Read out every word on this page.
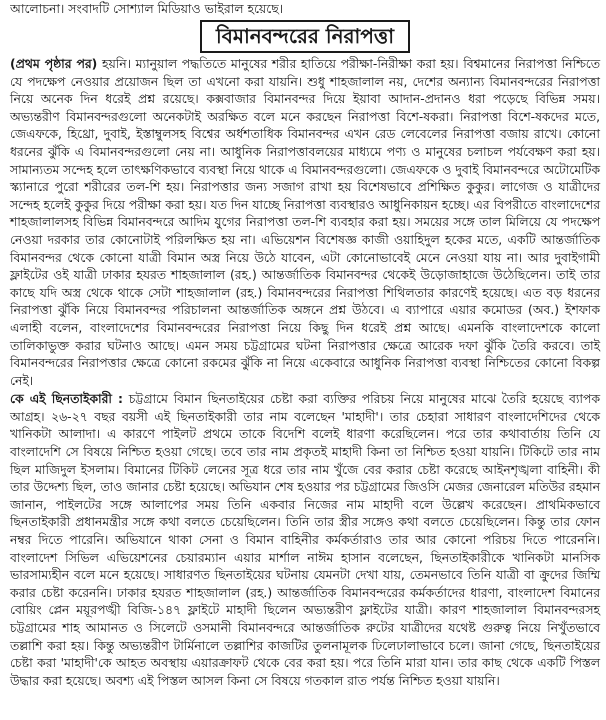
আলোচনা। সংবাদটি সোশ্যাল মিডিয়াও ভাইরাল হয়েছে।

বিমানবন্দরের নিরাপত্তা

(প্রথম পৃষ্ঠার পর) হয়নি। ম্যানুয়াল পদ্ধতিতে মানুষের শরীর হাতিয়ে পরীক্ষা-নিরীক্ষা করা হয়। বিশ্বমানের নিরাপত্তা নিশ্চিতে যে পদক্ষেপ নেওয়ার প্রয়োজন ছিল তা এখনো করা যায়নি। শুধু শাহজালাল নয়, দেশের অন্যান্য বিমানবন্দরের নিরাপত্তা নিয়ে অনেক দিন ধরেই প্রশ্ন রয়েছে। কক্সবাজার বিমানবন্দর দিয়ে ইয়াবা আদান-প্রদানও ধরা পড়েছে বিভিন্ন সময়। অভ্যন্তরীণ বিমানবন্দরগুলো অনেকটাই অরক্ষিত বলে মনে করছেন নিরাপত্তা বিশে-ষকরা। নিরাপত্তা বিশে-ষকদের মতে, জেএফকে, হিথ্রো, দুবাই, ইস্তাম্বুলসহ বিশ্বের অর্ধশতাধিক বিমানবন্দর এখন রেড লেবেলের নিরাপত্তা বজায় রাখে। কোনো ধরনের ঝুঁকি এ বিমানবন্দরগুলো নেয় না। আধুনিক নিরাপত্তাবলয়ের মাধ্যমে পণ্য ও মানুষের চলাচল পর্যবেক্ষণ করা হয়। সামান্যতম সন্দেহ হলে তাৎক্ষণিকভাবে ব্যবস্থা নিয়ে থাকে এ বিমানবন্দরগুলো। জেএফকে ও দুবাই বিমানবন্দরে অটোমেটিক স্ক্যানারে পুরো শরীরের তল-শি হয়। নিরাপত্তার জন্য সজাগ রাখা হয় বিশেষভাবে প্রশিক্ষিত কুকুর। লাগেজ ও যাত্রীদের সন্দেহ হলেই কুকুর দিয়ে পরীক্ষা করা হয়। যত দিন যাচ্ছে নিরাপত্তা ব্যবস্থারও আধুনিকায়ন হচ্ছে। এর বিপরীতে বাংলাদেশের শাহজালালসহ বিভিন্ন বিমানবন্দরে আদিম যুগের নিরাপত্তা তল-শি ব্যবহার করা হয়। সময়ের সঙ্গে তাল মিলিয়ে যে পদক্ষেপ নেওয়া দরকার তার কোনোটাই পরিলক্ষিত হয় না। এভিয়েশন বিশেষজ্ঞ কাজী ওয়াহিদুল হকের মতে, একটি আন্তর্জাতিক বিমানবন্দর থেকে কোনো যাত্রী বিমান অস্ত্র নিয়ে উঠে যাবেন, এটা কোনোভাবেই মেনে নেওয়া যায় না। আর দুবাইগামী ফ্লাইটের ওই যাত্রী ঢাকার হযরত শাহজালাল (রহ.) আন্তর্জাতিক বিমানবন্দর থেকেই উড়োজাহাজে উঠেছিলেন। তাই তার কাছে যদি অস্ত্র থেকে থাকে সেটা শাহজালাল (রহ.) বিমানবন্দরের নিরাপত্তা শিথিলতার কারণেই হয়েছে। এত বড় ধরনের নিরাপত্তা ঝুঁকি নিয়ে বিমানবন্দর পরিচালনা আন্তর্জাতিক অঙ্গনে প্রশ্ন উঠবে। এ ব্যাপারে এয়ার কমোডর (অব.) ইশফাক এলাহী বলেন, বাংলাদেশের বিমানবন্দরের নিরাপত্তা নিয়ে কিছু দিন ধরেই প্রশ্ন আছে। এমনকি বাংলাদেশকে কালো তালিকাভুক্ত করার ঘটনাও আছে। এমন সময় চট্টগ্রামের ঘটনা নিরাপত্তার ক্ষেত্রে আরেক দফা ঝুঁকি তৈরি করবে। তাই বিমানবন্দরের নিরাপত্তার ক্ষেত্রে কোনো রকমের ঝুঁকি না নিয়ে একেবারে আধুনিক নিরাপত্তা ব্যবস্থা নিশ্চিতের কোনো বিকল্প নেই।

কে এই ছিনতাইকারী : চট্টগ্রামে বিমান ছিনতাইয়ের চেষ্টা করা ব্যক্তির পরিচয় নিয়ে মানুষের মাঝে তৈরি হয়েছে ব্যাপক আগ্রহ। ২৬-২৭ বছর বয়সী এই ছিনতাইকারী তার নাম বলেছেন 'মাহাদী'। তার চেহারা সাধারণ বাংলাদেশিদের থেকে খানিকটা আলাদা। এ কারণে পাইলট প্রথমে তাকে বিদেশি বলেই ধারণা করেছিলেন। পরে তার কথাবার্তায় তিনি যে বাংলাদেশি সে বিষয়ে নিশ্চিত হওয়া গেছে। তবে তার নাম প্রকৃতই মাহাদী কিনা তা নিশ্চিত হওয়া যায়নি। টিকিটে তার নাম ছিল মাজিদুল ইসলাম। বিমানের টিকিট লেনের সূত্র ধরে তার নাম খুঁজে বের করার চেষ্টা করেছে আইনশৃঙ্খলা বাহিনী। কী তার উদ্দেশ্য ছিল, তাও জানার চেষ্টা হয়েছে। অভিযান শেষ হওয়ার পর চট্টগ্রামের জিওসি মেজর জেনারেল মতিউর রহমান জানান, পাইলটের সঙ্গে আলাপের সময় তিনি একবার নিজের নাম মাহাদী বলে উল্লেখ করেছেন। প্রাথমিকভাবে ছিনতাইকারী প্রধানমন্ত্রীর সঙ্গে কথা বলতে চেয়েছিলেন। তিনি তার স্ত্রীর সঙ্গেও কথা বলতে চেয়েছিলেন। কিন্তু তার ফোন নম্বর দিতে পারেনি। অভিযানে থাকা সেনা ও বিমান বাহিনীর কর্মকর্তারাও তার আর কোনো পরিচয় দিতে পারেননি। বাংলাদেশ সিভিল এভিয়েশনের চেয়ারম্যান এয়ার মার্শাল নাঈম হাসান বলেছেন, ছিনতাইকারীকে খানিকটা মানসিক ভারসাম্যহীন বলে মনে হয়েছে। সাধারণত ছিনতাইয়ের ঘটনায় যেমনটা দেখা যায়, তেমনভাবে তিনি যাত্রী বা ক্রুদের জিম্মি করার চেষ্টা করেননি। ঢাকার হযরত শাহজালাল (রহ.) আন্তর্জাতিক বিমানবন্দরের কর্মকর্তাদের ধারণা, বাংলাদেশ বিমানের বোয়িং প্লেন ময়ূরপঙ্খী বিজি-১৪৭ ফ্লাইটে মাহাদী ছিলেন অভ্যন্তরীণ ফ্লাইটের যাত্রী। কারণ শাহজালাল বিমানবন্দরসহ চট্টগ্রামের শাহ আমানত ও সিলেটে ওসমানী বিমানবন্দরে আন্তর্জাতিক রুটের যাত্রীদের যথেষ্ট গুরুত্ব নিয়ে নিখুঁতভাবে তল্লাশি করা হয়। কিন্তু অভ্যন্তরীণ টার্মিনালে তল্লাশির কাজটির তুলনামূলক ঢিলেঢালাভাবে চলে। জানা গেছে, ছিনতাইয়ের চেষ্টা করা 'মাহাদী'কে আহত অবস্থায় এয়ারক্রাফট থেকে বের করা হয়। পরে তিনি মারা যান। তার কাছ থেকে একটি পিস্তল উদ্ধার করা হয়েছে। অবশ্য এই পিস্তল আসল কিনা সে বিষয়ে গতকাল রাত পর্যন্ত নিশ্চিত হওয়া যায়নি।
